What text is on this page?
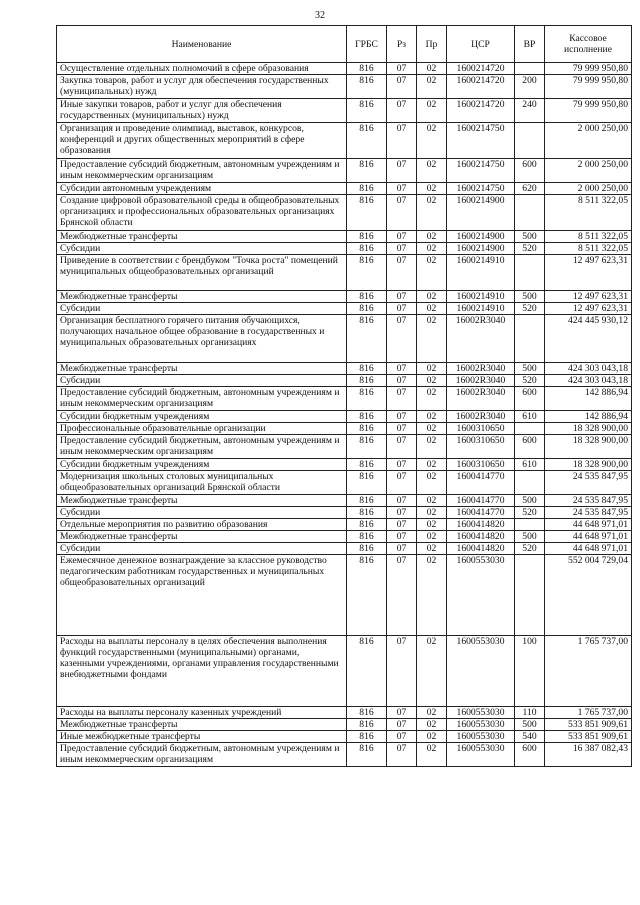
32
Наименование	ГРБС	Рз	Пр	ЦСР	ВР	Кассовое исполнение
Осуществление отдельных полномочий в сфере образования	816	07	02	1600214720		79 999 950,80
Закупка товаров, работ и услуг для обеспечения государственных (муниципальных) нужд	816	07	02	1600214720	200	79 999 950,80
Иные закупки товаров, работ и услуг для обеспечения государственных (муниципальных) нужд	816	07	02	1600214720	240	79 999 950,80
Организация и проведение олимпиад, выставок, конкурсов, конференций и других общественных мероприятий в сфере образования	816	07	02	1600214750		2 000 250,00
Предоставление субсидий бюджетным, автономным учреждениям и иным некоммерческим организациям	816	07	02	1600214750	600	2 000 250,00
Субсидии автономным учреждениям	816	07	02	1600214750	620	2 000 250,00
Создание цифровой образовательной среды в общеобразовательных организациях и профессиональных образовательных организациях Брянской области	816	07	02	1600214900		8 511 322,05
Межбюджетные трансферты	816	07	02	1600214900	500	8 511 322,05
Субсидии	816	07	02	1600214900	520	8 511 322,05
Приведение в соответствии с брендбуком "Точка роста" помещений муниципальных общеобразовательных организаций	816	07	02	1600214910		12 497 623,31
Межбюджетные трансферты	816	07	02	1600214910	500	12 497 623,31
Субсидии	816	07	02	1600214910	520	12 497 623,31
Организация бесплатного горячего питания обучающихся, получающих начальное общее образование в государственных и муниципальных образовательных организациях	816	07	02	16002R3040		424 445 930,12
Межбюджетные трансферты	816	07	02	16002R3040	500	424 303 043,18
Субсидии	816	07	02	16002R3040	520	424 303 043,18
Предоставление субсидий бюджетным, автономным учреждениям и иным некоммерческим организациям	816	07	02	16002R3040	600	142 886,94
Субсидии бюджетным учреждениям	816	07	02	16002R3040	610	142 886,94
Профессиональные образовательные организации	816	07	02	1600310650		18 328 900,00
Предоставление субсидий бюджетным, автономным учреждениям и иным некоммерческим организациям	816	07	02	1600310650	600	18 328 900,00
Субсидии бюджетным учреждениям	816	07	02	1600310650	610	18 328 900,00
Модернизация школьных столовых муниципальных общеобразовательных организаций Брянской области	816	07	02	1600414770		24 535 847,95
Межбюджетные трансферты	816	07	02	1600414770	500	24 535 847,95
Субсидии	816	07	02	1600414770	520	24 535 847,95
Отдельные мероприятия по развитию образования	816	07	02	1600414820		44 648 971,01
Межбюджетные трансферты	816	07	02	1600414820	500	44 648 971,01
Субсидии	816	07	02	1600414820	520	44 648 971,01
Ежемесячное денежное вознаграждение за классное руководство педагогическим работникам государственных и муниципальных общеобразовательных организаций	816	07	02	1600553030		552 004 729,04
Расходы на выплаты персоналу в целях обеспечения выполнения функций государственными (муниципальными) органами, казенными учреждениями, органами управления государственными внебюджетными фондами	816	07	02	1600553030	100	1 765 737,00
Расходы на выплаты персоналу казенных учреждений	816	07	02	1600553030	110	1 765 737,00
Межбюджетные трансферты	816	07	02	1600553030	500	533 851 909,61
Иные межбюджетные трансферты	816	07	02	1600553030	540	533 851 909,61
Предоставление субсидий бюджетным, автономным учреждениям и иным некоммерческим организациям	816	07	02	1600553030	600	16 387 082,43
